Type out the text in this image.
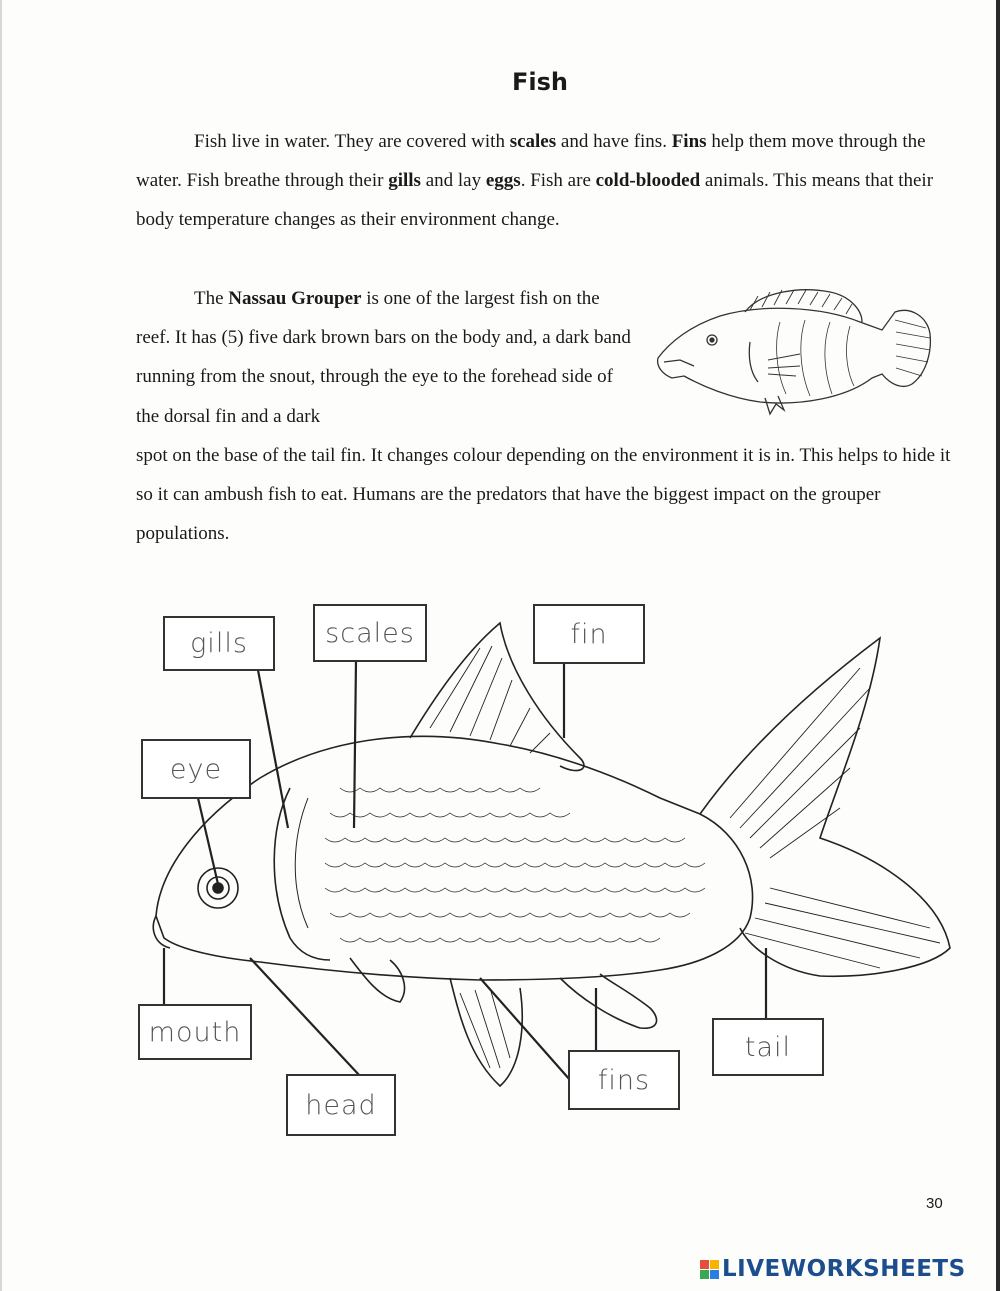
Fish
Fish live in water. They are covered with scales and have fins. Fins help them move through the water. Fish breathe through their gills and lay eggs. Fish are cold-blooded animals. This means that their body temperature changes as their environment change.
The Nassau Grouper is one of the largest fish on the reef. It has (5) five dark brown bars on the body and, a dark band running from the snout, through the eye to the forehead side of the dorsal fin and a dark
spot on the base of the tail fin. It changes colour depending on the environment it is in. This helps to hide it so it can ambush fish to eat. Humans are the predators that have the biggest impact on the grouper populations.
gills	scales	fin
eye
mouth
head
fins
tail
30
LIVEWORKSHEETS
